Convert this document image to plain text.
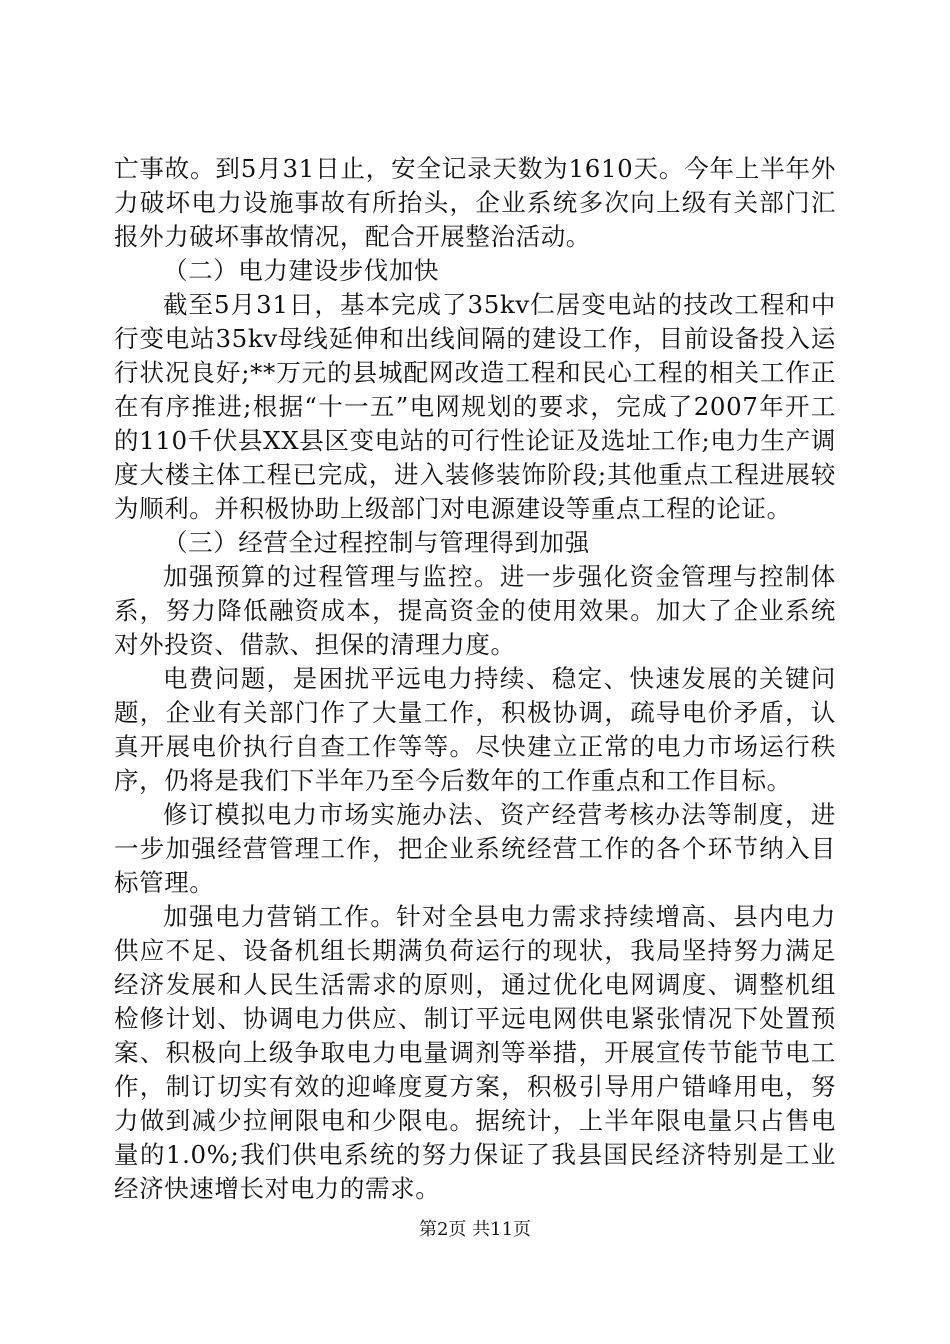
亡事故。到5月31日止，安全记录天数为1610天。今年上半年外力破坏电力设施事故有所抬头，企业系统多次向上级有关部门汇报外力破坏事故情况，配合开展整治活动。

（二）电力建设步伐加快

截至5月31日，基本完成了35kv仁居变电站的技改工程和中行变电站35kv母线延伸和出线间隔的建设工作，目前设备投入运行状况良好;**万元的县城配网改造工程和民心工程的相关工作正在有序推进;根据“十一五”电网规划的要求，完成了2007年开工的110千伏县XX县区变电站的可行性论证及选址工作;电力生产调度大楼主体工程已完成，进入装修装饰阶段;其他重点工程进展较为顺利。并积极协助上级部门对电源建设等重点工程的论证。

（三）经营全过程控制与管理得到加强

加强预算的过程管理与监控。进一步强化资金管理与控制体系，努力降低融资成本，提高资金的使用效果。加大了企业系统对外投资、借款、担保的清理力度。

电费问题，是困扰平远电力持续、稳定、快速发展的关键问题，企业有关部门作了大量工作，积极协调，疏导电价矛盾，认真开展电价执行自查工作等等。尽快建立正常的电力市场运行秩序，仍将是我们下半年乃至今后数年的工作重点和工作目标。

修订模拟电力市场实施办法、资产经营考核办法等制度，进一步加强经营管理工作，把企业系统经营工作的各个环节纳入目标管理。

加强电力营销工作。针对全县电力需求持续增高、县内电力供应不足、设备机组长期满负荷运行的现状，我局坚持努力满足经济发展和人民生活需求的原则，通过优化电网调度、调整机组检修计划、协调电力供应、制订平远电网供电紧张情况下处置预案、积极向上级争取电力电量调剂等举措，开展宣传节能节电工作，制订切实有效的迎峰度夏方案，积极引导用户错峰用电，努力做到减少拉闸限电和少限电。据统计，上半年限电量只占售电量的1.0%;我们供电系统的努力保证了我县国民经济特别是工业经济快速增长对电力的需求。

第2页 共11页
